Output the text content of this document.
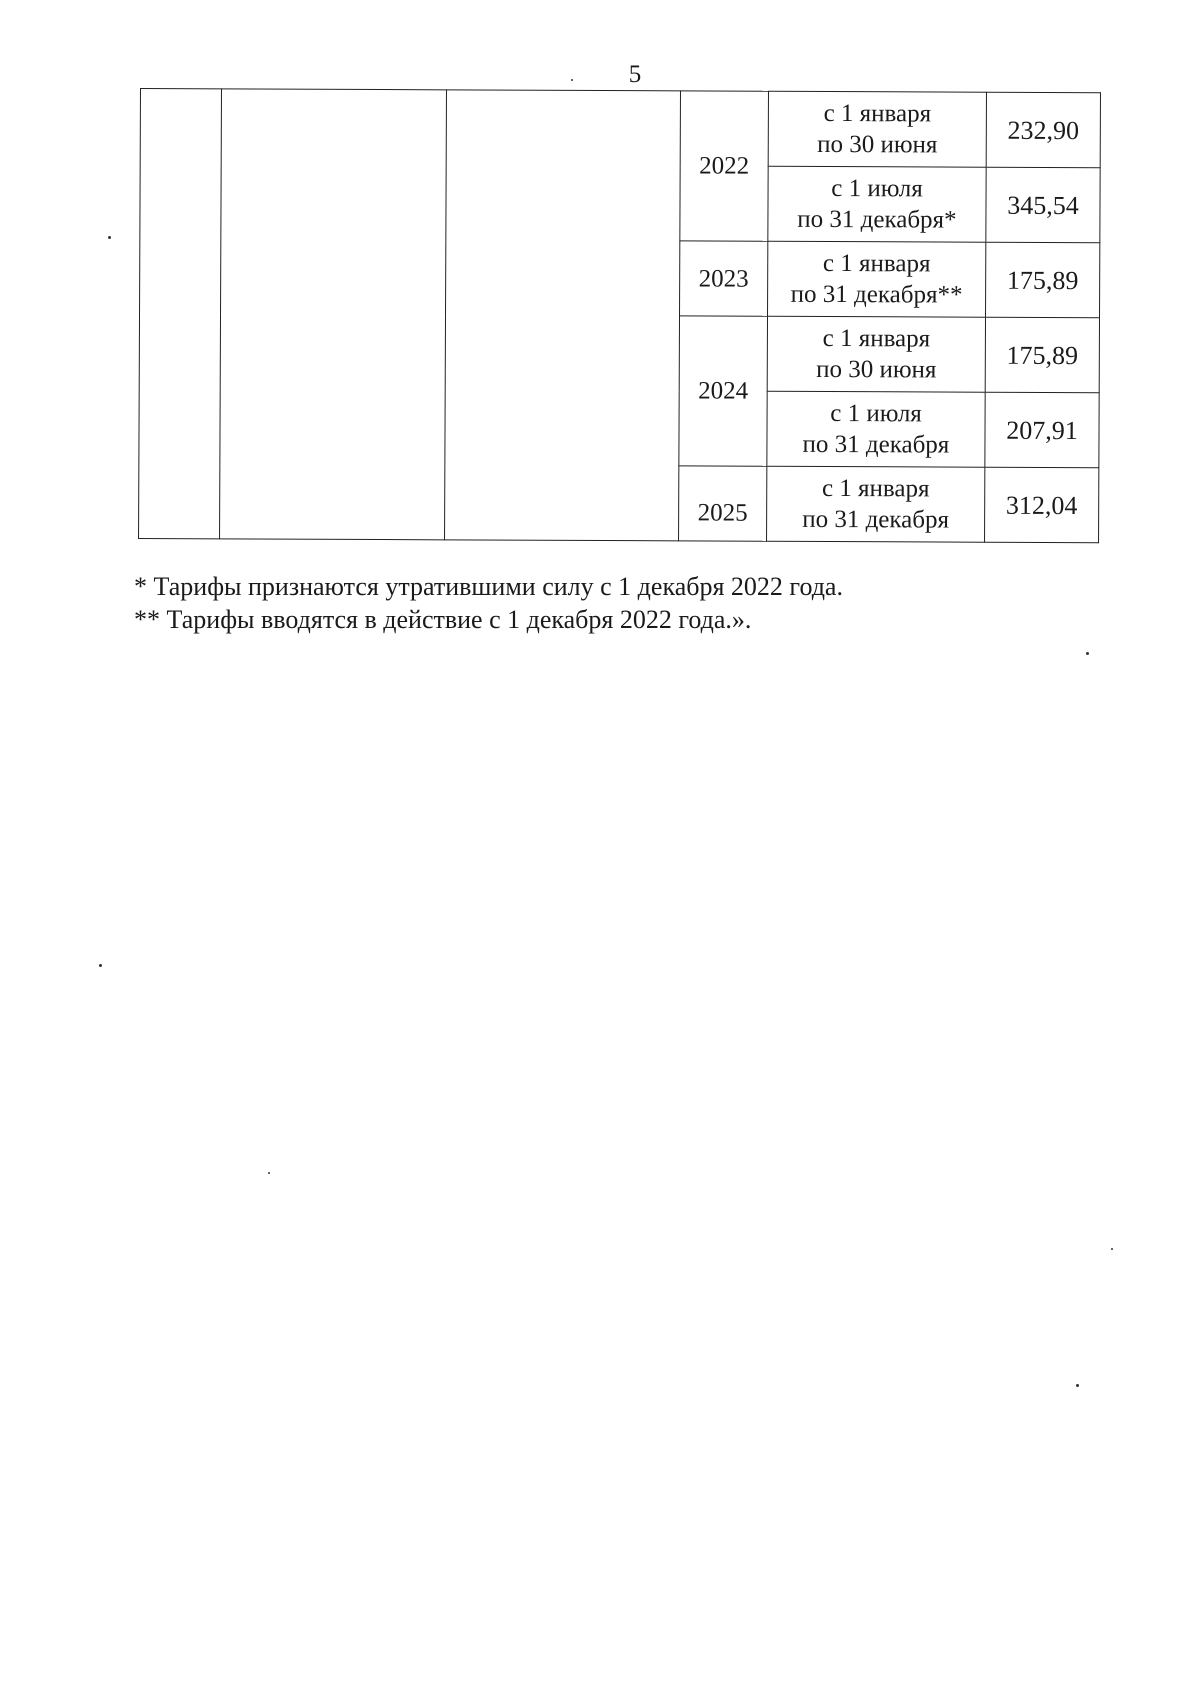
5
			2022	с 1 января
по 30 июня	232,90

				с 1 июля
по 31 декабря*	345,54
			2023	с 1 января
по 31 декабря**	175,89
			2024	с 1 января
по 30 июня	175,89

				с 1 июля
по 31 декабря	207,91
			2025	с 1 января
по 31 декабря	312,04

* Тарифы признаются утратившими силу с 1 декабря 2022 года.

** Тарифы вводятся в действие с 1 декабря 2022 года.».
